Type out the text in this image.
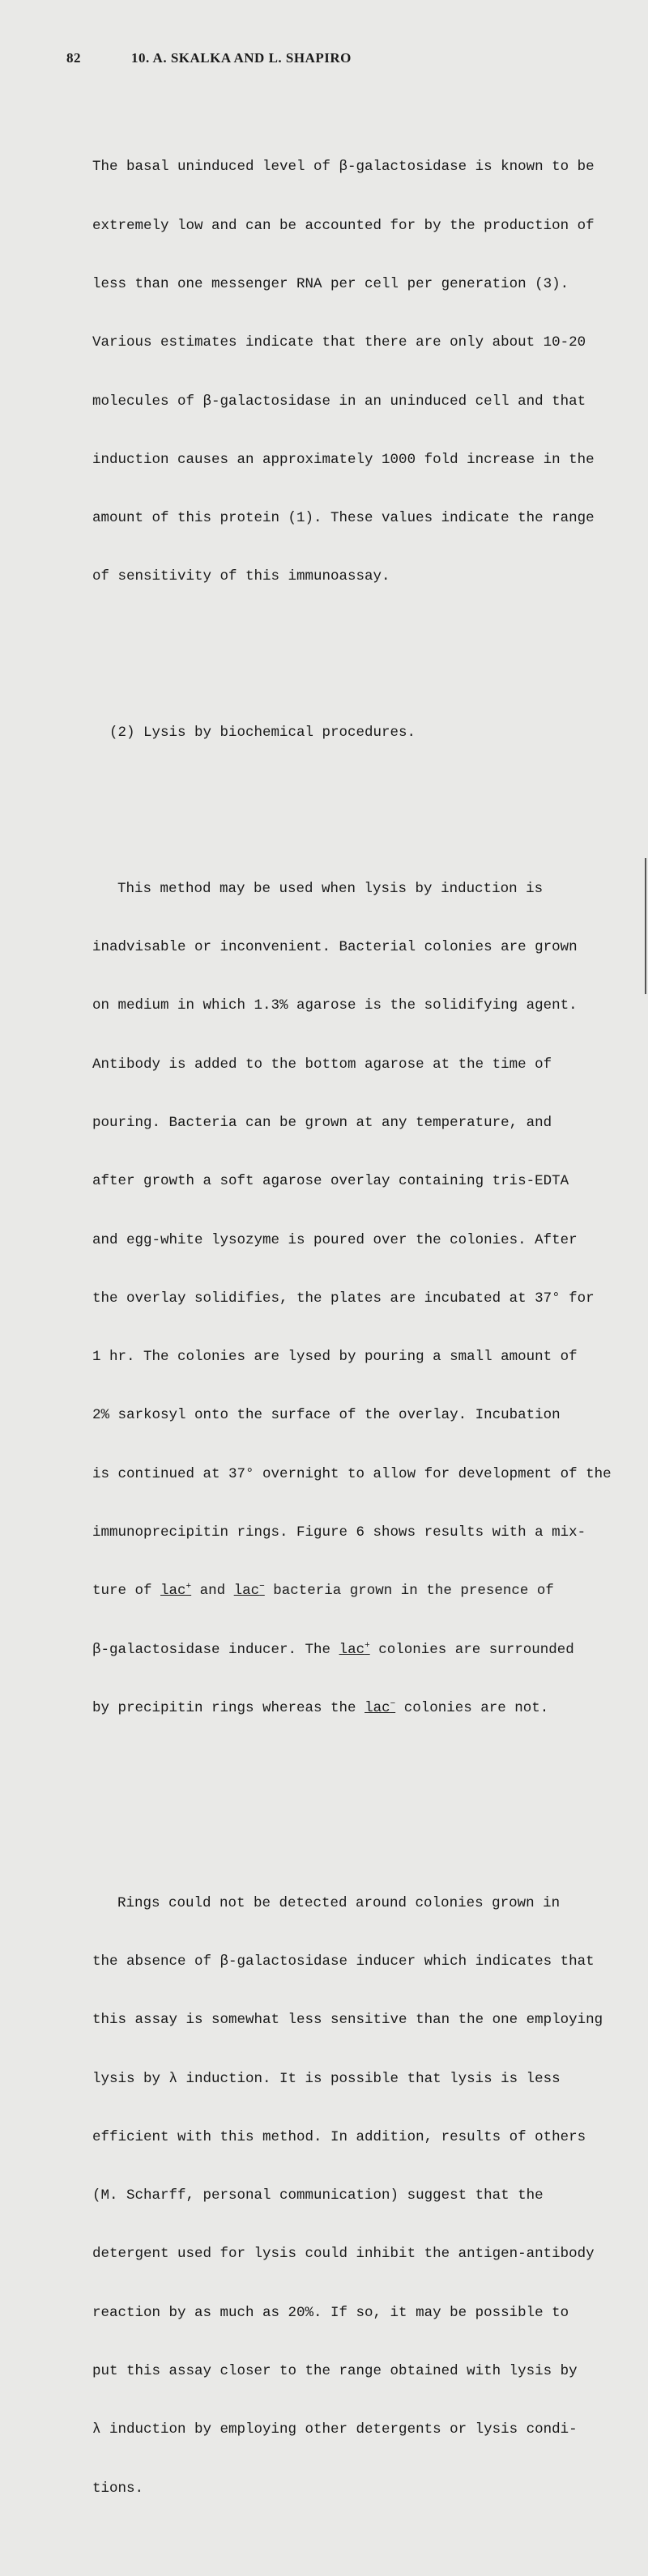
82	10. A. SKALKA AND L. SHAPIRO

The basal uninduced level of β-galactosidase is known to be

extremely low and can be accounted for by the production of

less than one messenger RNA per cell per generation (3).

Various estimates indicate that there are only about 10-20

molecules of β-galactosidase in an uninduced cell and that

induction causes an approximately 1000 fold increase in the

amount of this protein (1). These values indicate the range

of sensitivity of this immunoassay.

(2) Lysis by biochemical procedures.

This method may be used when lysis by induction is

inadvisable or inconvenient. Bacterial colonies are grown

on medium in which 1.3% agarose is the solidifying agent.

Antibody is added to the bottom agarose at the time of

pouring. Bacteria can be grown at any temperature, and

after growth a soft agarose overlay containing tris-EDTA

and egg-white lysozyme is poured over the colonies. After

the overlay solidifies, the plates are incubated at 37° for

1 hr. The colonies are lysed by pouring a small amount of

2% sarkosyl onto the surface of the overlay. Incubation

is continued at 37° overnight to allow for development of the

immunoprecipitin rings. Figure 6 shows results with a mix-

ture of lac+ and lac− bacteria grown in the presence of

β-galactosidase inducer. The lac+ colonies are surrounded

by precipitin rings whereas the lac− colonies are not.

Rings could not be detected around colonies grown in

the absence of β-galactosidase inducer which indicates that

this assay is somewhat less sensitive than the one employing

lysis by λ induction. It is possible that lysis is less

efficient with this method. In addition, results of others

(M. Scharff, personal communication) suggest that the

detergent used for lysis could inhibit the antigen-antibody

reaction by as much as 20%. If so, it may be possible to

put this assay closer to the range obtained with lysis by

λ induction by employing other detergents or lysis condi-

tions.
